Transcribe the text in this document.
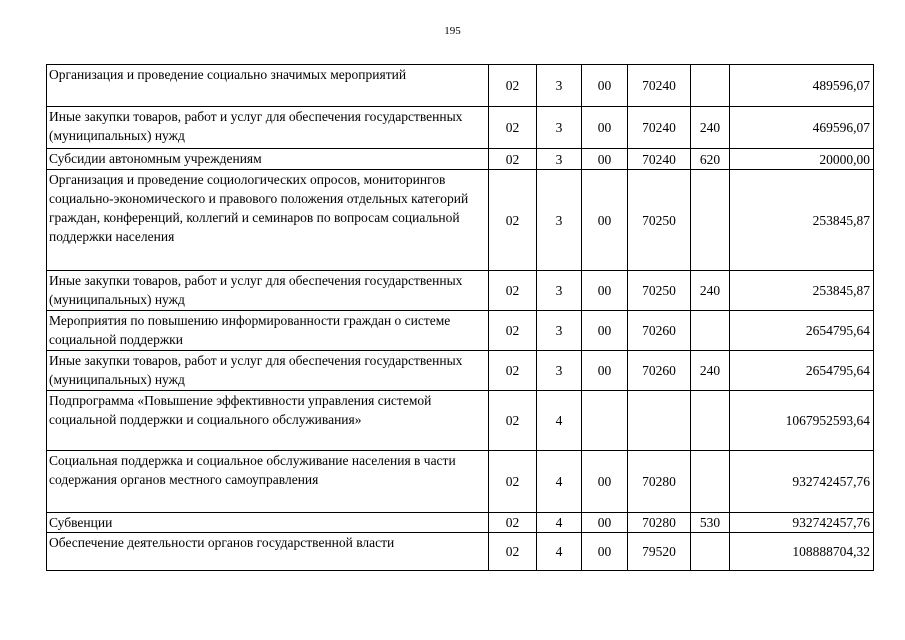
195
Организация и проведение социально значимых мероприятий	02	3	00	70240		489596,07
Иные закупки товаров, работ и услуг для обеспечения государственных (муниципальных) нужд	02	3	00	70240	240	469596,07
Субсидии автономным учреждениям	02	3	00	70240	620	20000,00
Организация и проведение социологических опросов, мониторингов социально-экономического и правового положения отдельных категорий граждан, конференций, коллегий и семинаров по вопросам социальной поддержки населения	02	3	00	70250		253845,87
Иные закупки товаров, работ и услуг для обеспечения государственных (муниципальных) нужд	02	3	00	70250	240	253845,87
Мероприятия по повышению информированности граждан о системе социальной поддержки	02	3	00	70260		2654795,64
Иные закупки товаров, работ и услуг для обеспечения государственных (муниципальных) нужд	02	3	00	70260	240	2654795,64
Подпрограмма «Повышение эффективности управления системой социальной поддержки и социального обслуживания»	02	4				1067952593,64
Социальная поддержка и социальное обслуживание населения в части содержания органов местного самоуправления	02	4	00	70280		932742457,76
Субвенции	02	4	00	70280	530	932742457,76
Обеспечение деятельности органов государственной власти	02	4	00	79520		108888704,32
